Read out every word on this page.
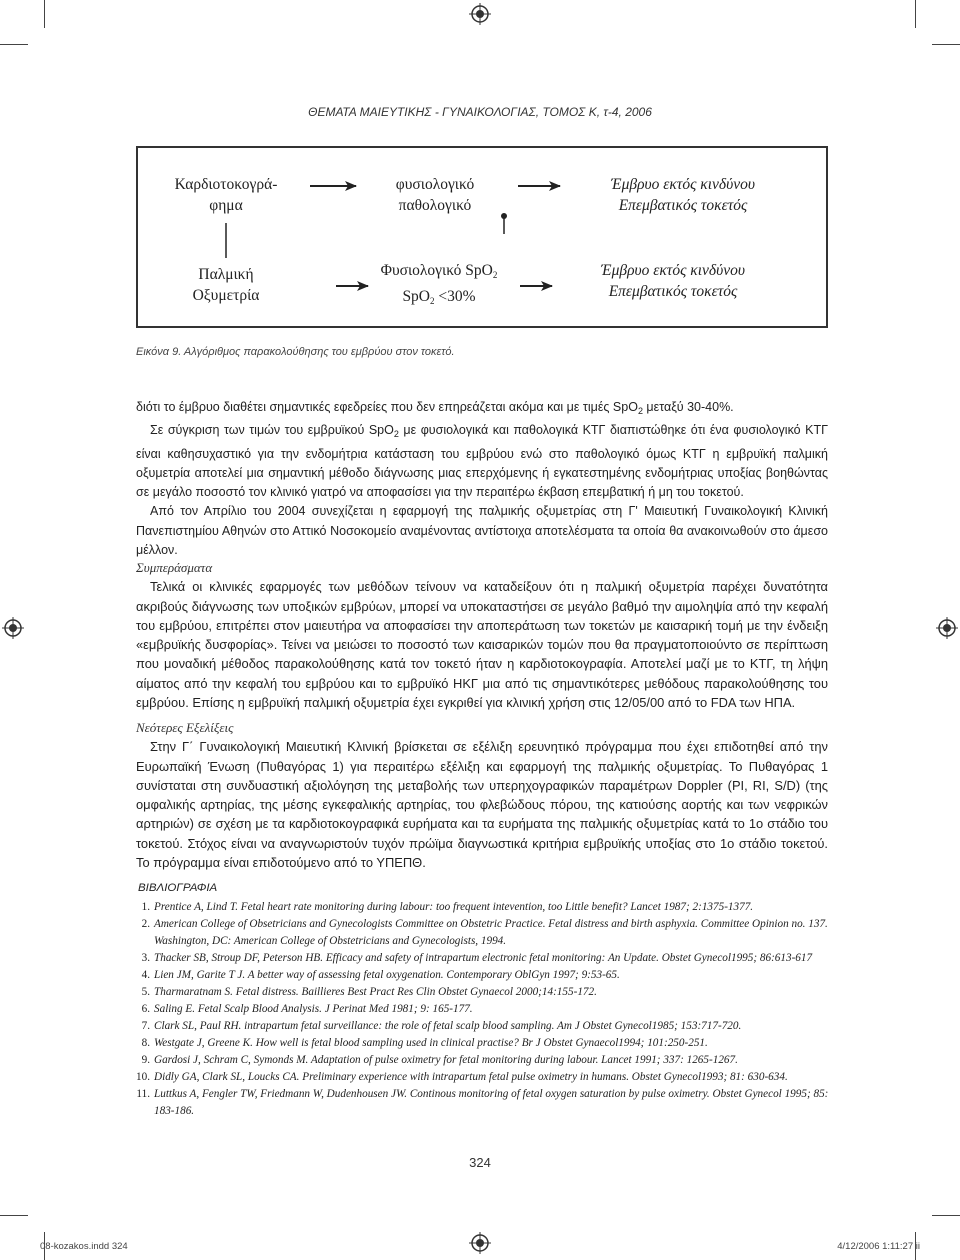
ΘΕΜΑΤΑ ΜΑΙΕΥΤΙΚΗΣ - ΓΥΝΑΙΚΟΛΟΓΙΑΣ, ΤΟΜΟΣ Κ, τ-4, 2006
Καρδιοτοκογρά-
φημα
φυσιολογικό
παθολογικό
Έμβρυο εκτός κινδύνου
Επεμβατικός τοκετός
Παλμική
Οξυμετρία
Φυσιολογικό SpO$_2$
SpO$_2$ <30%
Έμβρυο εκτός κινδύνου
Επεμβατικός τοκετός
Εικόνα 9. Αλγόριθμος παρακολούθησης του εμβρύου στον τοκετό.

διότι το έμβρυο διαθέτει σημαντικές εφεδρείες που δεν επηρεάζεται ακόμα και με τιμές SpO$_2$ μεταξύ 30-40%.

Σε σύγκριση των τιμών του εμβρυϊκού SpO$_2$ με φυσιολογικά και παθολογικά ΚΤΓ διαπιστώθηκε ότι ένα φυσιολογικό ΚΤΓ είναι καθησυχαστικό για την ενδομήτρια κατάσταση του εμβρύου ενώ στο παθολογικό όμως ΚΤΓ η εμβρυϊκή παλμική οξυμετρία αποτελεί μια σημαντική μέθοδο διάγνωσης μιας επερχόμενης ή εγκατεστημένης ενδομήτριας υποξίας βοηθώντας σε μεγάλο ποσοστό τον κλινικό γιατρό να αποφασίσει για την περαιτέρω έκβαση επεμβατική ή μη του τοκετού.

Από τον Απρίλιο του 2004 συνεχίζεται η εφαρμογή της παλμικής οξυμετρίας στη Γ' Μαιευτική Γυναικολογική Κλινική Πανεπιστημίου Αθηνών στο Αττικό Νοσοκομείο αναμένοντας αντίστοιχα αποτελέσματα τα οποία θα ανακοινωθούν στο άμεσο μέλλον.

Συμπεράσματα

Τελικά οι κλινικές εφαρμογές των μεθόδων τείνουν να καταδείξουν ότι η παλμική οξυμετρία παρέχει δυνατότητα ακριβούς διάγνωσης των υποξικών εμβρύων, μπορεί να υποκαταστήσει σε μεγάλο βαθμό την αιμοληψία από την κεφαλή του εμβρύου, επιτρέπει στον μαιευτήρα να αποφασίσει την αποπεράτωση των τοκετών με καισαρική τομή με την ένδειξη «εμβρυϊκής δυσφορίας». Τείνει να μειώσει το ποσοστό των καισαρικών τομών που θα πραγματοποιούντο σε περίπτωση που μοναδική μέθοδος παρακολούθησης κατά τον τοκετό ήταν η καρδιοτοκογραφία. Αποτελεί μαζί με το ΚΤΓ, τη λήψη αίματος από την κεφαλή του εμβρύου και το εμβρυϊκό ΗΚΓ μια από τις σημαντικότερες μεθόδους παρακολούθησης του εμβρύου. Επίσης η εμβρυϊκή παλμική οξυμετρία έχει εγκριθεί για κλινική χρήση στις 12/05/00 από το FDA των ΗΠΑ.

Νεότερες Εξελίξεις

Στην Γ΄ Γυναικολογική Μαιευτική Κλινική βρίσκεται σε εξέλιξη ερευνητικό πρόγραμμα που έχει επιδοτηθεί από την Ευρωπαϊκή Ένωση (Πυθαγόρας 1) για περαιτέρω εξέλιξη και εφαρμογή της παλμικής οξυμετρίας. Το Πυθαγόρας 1 συνίσταται στη συνδυαστική αξιολόγηση της μεταβολής των υπερηχογραφικών παραμέτρων Doppler (PI, RI, S/D) (της ομφαλικής αρτηρίας, της μέσης εγκεφαλικής αρτηρίας, του φλεβώδους πόρου, της κατιούσης αορτής και των νεφρικών αρτηριών) σε σχέση με τα καρδιοτοκογραφικά ευρήματα και τα ευρήματα της παλμικής οξυμετρίας κατά το 1ο στάδιο του τοκετού. Στόχος είναι να αναγνωριστούν τυχόν πρώϊμα διαγνωστικά κριτήρια εμβρυϊκής υποξίας στο 1ο στάδιο τοκετού. Το πρόγραμμα είναι επιδοτούμενο από το ΥΠΕΠΘ.

ΒΙΒΛΙΟΓΡΑΦΙΑ
1. Prentice A, Lind T. Fetal heart rate monitoring during labour: too frequent intevention, too Little benefit? Lancet 1987; 2:1375-1377.
2. American College of Obsetricians and Gynecologists Committee on Obstetric Practice. Fetal distress and birth asphyxia. Committee Opinion no. 137. Washington, DC: American College of Obstetricians and Gynecologists, 1994.
3. Thacker SB, Stroup DF, Peterson HB. Efficacy and safety of intrapartum electronic fetal monitoring: An Update. Obstet Gynecol1995; 86:613-617
4. Lien JM, Garite T J. A better way of assessing fetal oxygenation. Contemporary OblGyn 1997; 9:53-65.
5. Tharmaratnam S. Fetal distress. Baillieres Best Pract Res Clin Obstet Gynaecol 2000;14:155-172.
6. Saling E. Fetal Scalp Blood Analysis. J Perinat Med 1981; 9: 165-177.
7. Clark SL, Paul RH. intrapartum fetal surveillance: the role of fetal scalp blood sampling. Am J Obstet Gynecol1985; 153:717-720.
8. Westgate J, Greene K. How well is fetal blood sampling used in clinical practise? Br J Obstet Gynaecol1994; 101:250-251.
9. Gardosi J, Schram C, Symonds M. Adaptation of pulse oximetry for fetal monitoring during labour. Lancet 1991; 337: 1265-1267.
10. Didly GA, Clark SL, Loucks CA. Preliminary experience with intrapartum fetal pulse oximetry in humans. Obstet Gynecol1993; 81: 630-634.
11. Luttkus A, Fengler TW, Friedmann W, Dudenhousen JW. Continous monitoring of fetal oxygen saturation by pulse oximetry. Obstet Gynecol 1995; 85: 183-186.
324
08-kozakos.indd 324	4/12/2006 1:11:27 ii
